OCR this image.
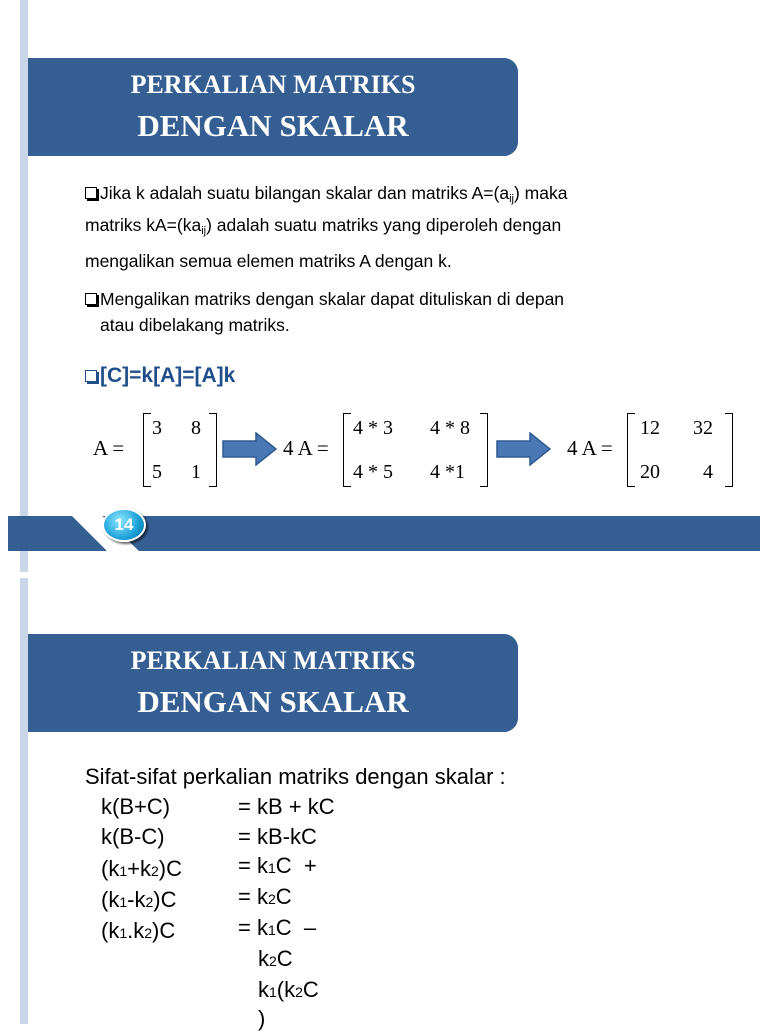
PERKALIAN MATRIKS
DENGAN SKALAR
Jika k adalah suatu bilangan skalar dan matriks $A=(a_{ij})$ maka
matriks $kA=(ka_{ij})$ adalah suatu matriks yang diperoleh dengan
mengalikan semua elemen matriks A dengan k.
Mengalikan matriks dengan skalar dapat dituliskan di depan
atau dibelakang matriks.
[C]=k[A]=[A]k
A =
3 8
5 1
4 A =
4 * 3 4 * 8
4 * 5 4 *1
4 A =
12 32
20 4
14
PERKALIAN MATRIKS
DENGAN SKALAR
Sifat-sifat perkalian matriks dengan skalar :
k(B+C)
k(B-C)
(k1+k2)C
(k1-k2)C
(k1.k2)C
= kB + kC
= kB-kC
= k1C +
= k2C
= k1C –
k2C
k1(k2C
)
